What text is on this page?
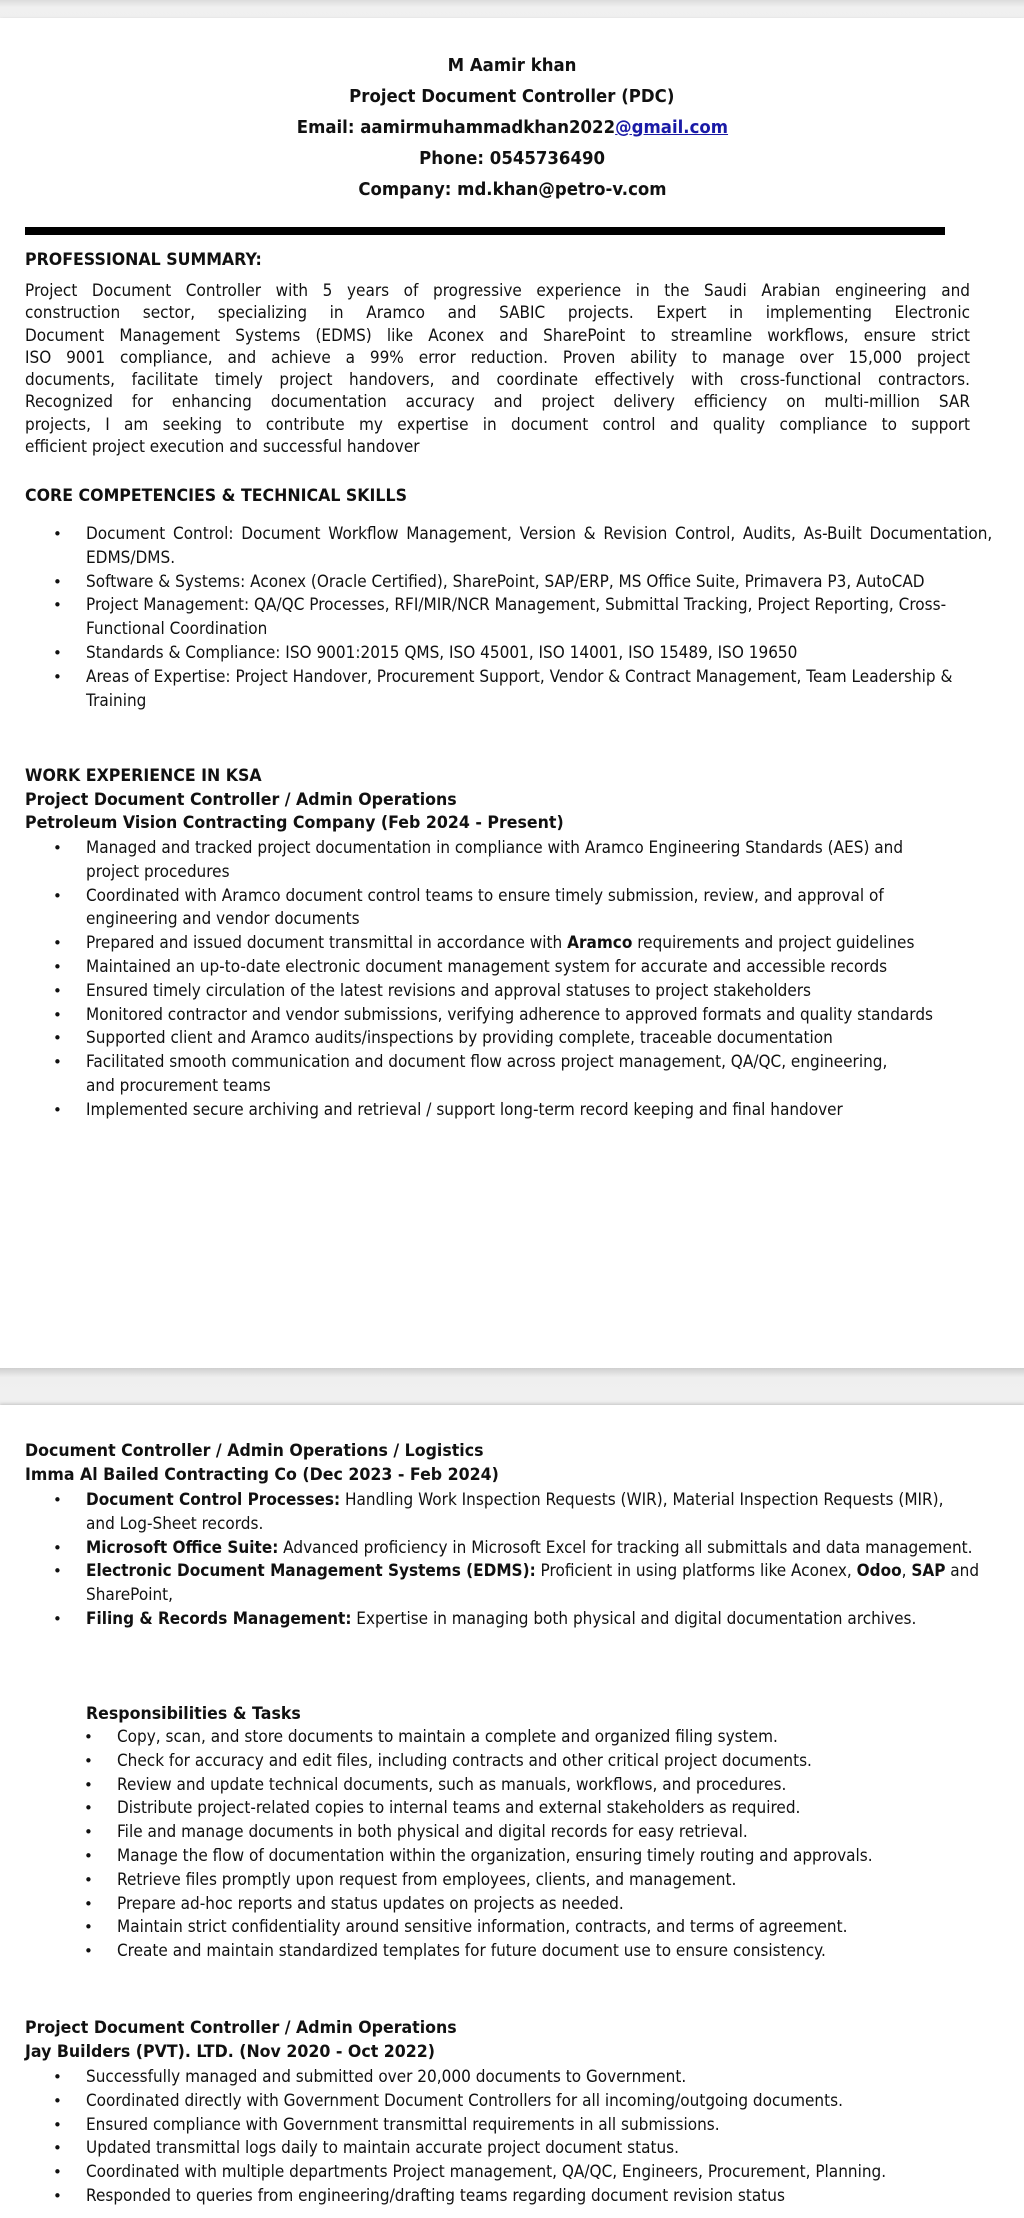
M Aamir khan
Project Document Controller (PDC)
Email: aamirmuhammadkhan2022@gmail.com
Phone: 0545736490
Company: md.khan@petro-v.com
PROFESSIONAL SUMMARY:
Project Document Controller with 5 years of progressive experience in the Saudi Arabian engineering and
construction sector, specializing in Aramco and SABIC projects. Expert in implementing Electronic
Document Management Systems (EDMS) like Aconex and SharePoint to streamline workflows, ensure strict
ISO 9001 compliance, and achieve a 99% error reduction. Proven ability to manage over 15,000 project
documents, facilitate timely project handovers, and coordinate effectively with cross-functional contractors.
Recognized for enhancing documentation accuracy and project delivery efficiency on multi-million SAR
projects, I am seeking to contribute my expertise in document control and quality compliance to support
efficient project execution and successful handover
CORE COMPETENCIES & TECHNICAL SKILLS
• Document Control: Document Workflow Management, Version & Revision Control, Audits, As-Built Documentation, EDMS/DMS.
• Software & Systems: Aconex (Oracle Certified), SharePoint, SAP/ERP, MS Office Suite, Primavera P3, AutoCAD
• Project Management: QA/QC Processes, RFI/MIR/NCR Management, Submittal Tracking, Project Reporting, Cross-Functional Coordination
• Standards & Compliance: ISO 9001:2015 QMS, ISO 45001, ISO 14001, ISO 15489, ISO 19650
• Areas of Expertise: Project Handover, Procurement Support, Vendor & Contract Management, Team Leadership & Training
WORK EXPERIENCE IN KSA
Project Document Controller / Admin Operations
Petroleum Vision Contracting Company (Feb 2024 - Present)
• Managed and tracked project documentation in compliance with Aramco Engineering Standards (AES) and project procedures
• Coordinated with Aramco document control teams to ensure timely submission, review, and approval of engineering and vendor documents
• Prepared and issued document transmittal in accordance with Aramco requirements and project guidelines
• Maintained an up-to-date electronic document management system for accurate and accessible records
• Ensured timely circulation of the latest revisions and approval statuses to project stakeholders
• Monitored contractor and vendor submissions, verifying adherence to approved formats and quality standards
• Supported client and Aramco audits/inspections by providing complete, traceable documentation
• Facilitated smooth communication and document flow across project management, QA/QC, engineering, and procurement teams
• Implemented secure archiving and retrieval / support long-term record keeping and final handover
Document Controller / Admin Operations / Logistics
Imma Al Bailed Contracting Co (Dec 2023 - Feb 2024)
• Document Control Processes: Handling Work Inspection Requests (WIR), Material Inspection Requests (MIR), and Log-Sheet records.
• Microsoft Office Suite: Advanced proficiency in Microsoft Excel for tracking all submittals and data management.
• Electronic Document Management Systems (EDMS): Proficient in using platforms like Aconex, Odoo, SAP and SharePoint,
• Filing & Records Management: Expertise in managing both physical and digital documentation archives.
Responsibilities & Tasks
• Copy, scan, and store documents to maintain a complete and organized filing system.
• Check for accuracy and edit files, including contracts and other critical project documents.
• Review and update technical documents, such as manuals, workflows, and procedures.
• Distribute project-related copies to internal teams and external stakeholders as required.
• File and manage documents in both physical and digital records for easy retrieval.
• Manage the flow of documentation within the organization, ensuring timely routing and approvals.
• Retrieve files promptly upon request from employees, clients, and management.
• Prepare ad-hoc reports and status updates on projects as needed.
• Maintain strict confidentiality around sensitive information, contracts, and terms of agreement.
• Create and maintain standardized templates for future document use to ensure consistency.
Project Document Controller / Admin Operations
Jay Builders (PVT). LTD. (Nov 2020 - Oct 2022)
• Successfully managed and submitted over 20,000 documents to Government.
• Coordinated directly with Government Document Controllers for all incoming/outgoing documents.
• Ensured compliance with Government transmittal requirements in all submissions.
• Updated transmittal logs daily to maintain accurate project document status.
• Coordinated with multiple departments Project management, QA/QC, Engineers, Procurement, Planning.
• Responded to queries from engineering/drafting teams regarding document revision status
